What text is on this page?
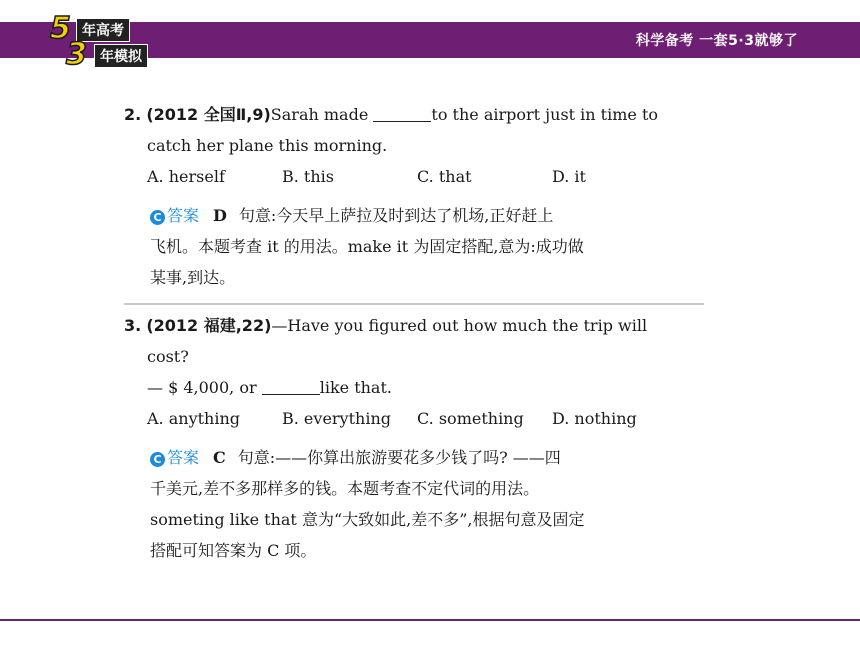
5 年高考
3 年模拟
科学备考 一套5·3就够了
2. (2012 全国Ⅱ,9)Sarah made	to the airport just in time to
catch her plane this morning.
A. herself	B. this	C. that	D. it
C 答案 D 句意:今天早上萨拉及时到达了机场,正好赶上
飞机。本题考查 it 的用法。make it 为固定搭配,意为:成功做
某事,到达。
3. (2012 福建,22)—Have you figured out how much the trip will
cost?
— $ 4,000, or	like that.
A. anything	B. everything	C. something	D. nothing
C 答案 C 句意:——你算出旅游要花多少钱了吗? ——四
千美元,差不多那样多的钱。本题考查不定代词的用法。
someting like that 意为“大致如此,差不多”,根据句意及固定
搭配可知答案为 C 项。
